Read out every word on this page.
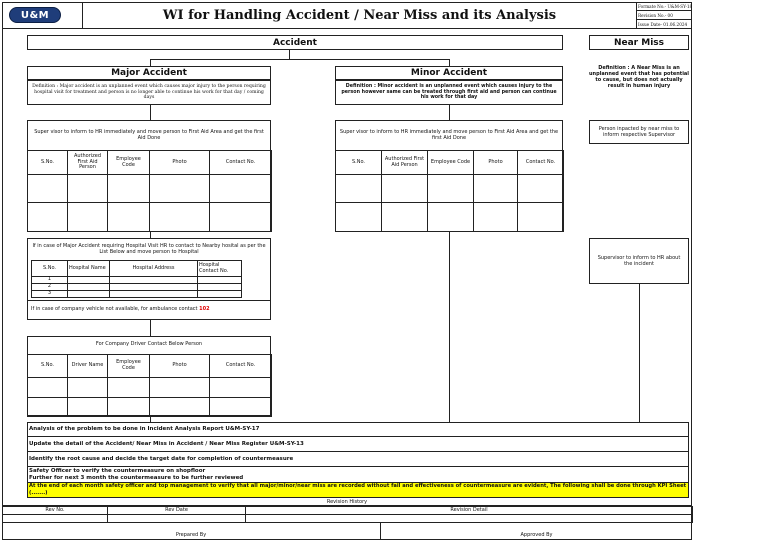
U&M	WI for Handling Accident / Near Miss and its Analysis
Formate No.- U&M-SY-18
Revision No.- 00
Issue Date- 01.06.2024
Accident
Major Accident
Definition : Major accident is an unplanned event which causes major injury to the person requiring hospital visit for treatment and person is no longer able to continue his work for that day / coming days
Super visor to inform to HR immediately and move person to First Aid Area and get the first Aid Done
S.No.	Authorized First Aid Person	Employee Code	Photo	Contact No.

If in case of Major Accident requiring Hospital Visit HR to contact to Nearby hosital as per the List Below and move person to Hospital
S.No.	Hospital Name	Hospital Address	Hospital Contact No.
1			
2			
3			
If in case of company vehicle not available, for ambulance contact 102
For Company Driver Contact Below Person
S.No.	Driver Name	Employee Code	Photo	Contact No.

Minor Accident
Definition : Minor accident is an unplanned event which causes injury to the person however same can be treated through first aid and person can continue his work for that day
Super visor to inform to HR immediately and move person to First Aid Area and get the first Aid Done
S.No.	Authorized First Aid Person	Employee Code	Photo	Contact No.

Near Miss
Definition : A Near Miss is an unplanned event that has potential to cause, but does not actually result in human injury
Person inpacted by near miss to inform respective Supervisor
Supervisor to inform to HR about the incident
Analysis of the problem to be done in Incident Analysis Report U&M-SY-17
Update the detail of the Accident/ Near Miss in Accident / Near Miss Register U&M-SY-13
Identify the root cause and decide the target date for completion of countermeasure
Safety Officer to verify the countermeasure on shopfloor
Further for next 3 month the countermeasure to be further reviewed
At the end of each month safety officer and top management to verify that all major/minor/near miss are recorded without fail and effectiveness of countermeasure are evident, The following shall be done through KPI Sheet (.......)
Revision History
Rev No.	Rev Date	Revision Detail

Prepared By	Approved By
